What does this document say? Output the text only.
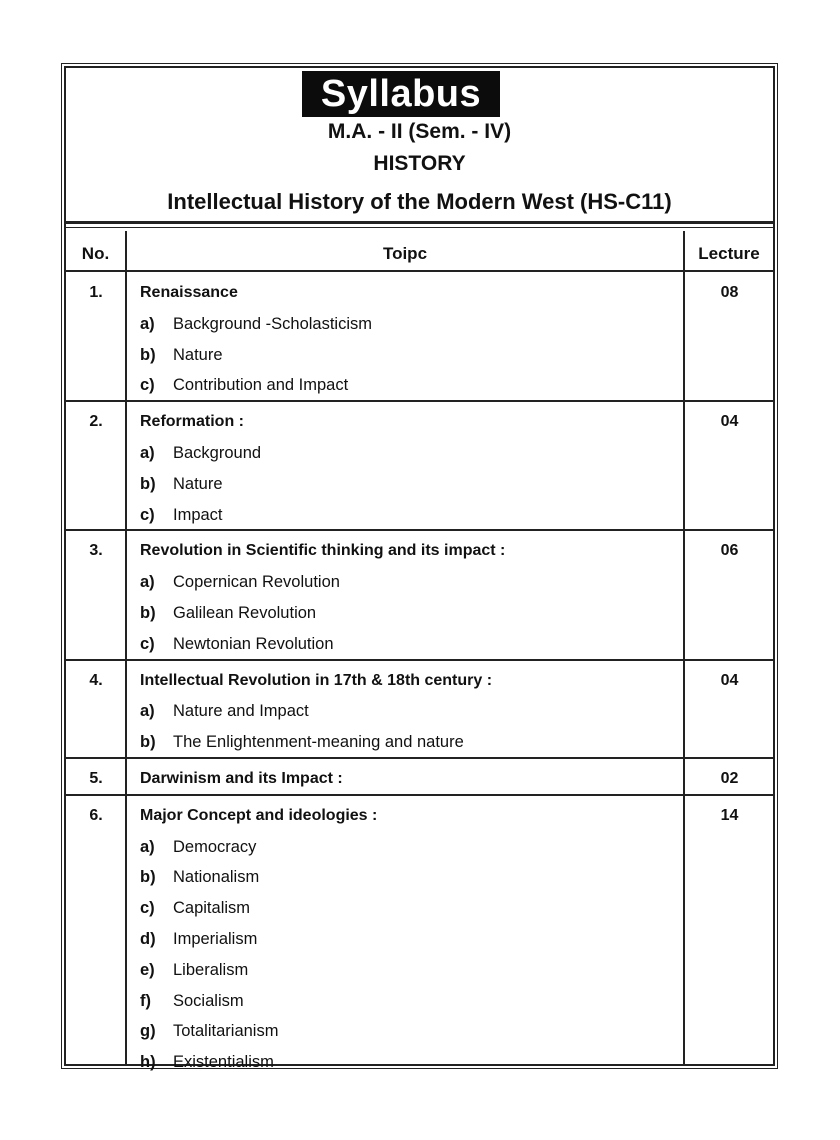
Syllabus
M.A. - II (Sem. - IV)
HISTORY
Intellectual History of the Modern West (HS-C11)
No.	Toipc	Lecture
1.	Renaissance	08
a) Background -Scholasticism
b) Nature
c) Contribution and Impact
2.	Reformation :	04
a) Background
b) Nature
c) Impact
3.	Revolution in Scientific thinking and its impact :	06
a) Copernican Revolution
b) Galilean Revolution
c) Newtonian Revolution
4.	Intellectual Revolution in 17th & 18th century :	04
a) Nature and Impact
b) The Enlightenment-meaning and nature
5.	Darwinism and its Impact :	02
6.	Major Concept and ideologies :	14
a) Democracy
b) Nationalism
c) Capitalism
d) Imperialism
e) Liberalism
f) Socialism
g) Totalitarianism
h) Existentialism
